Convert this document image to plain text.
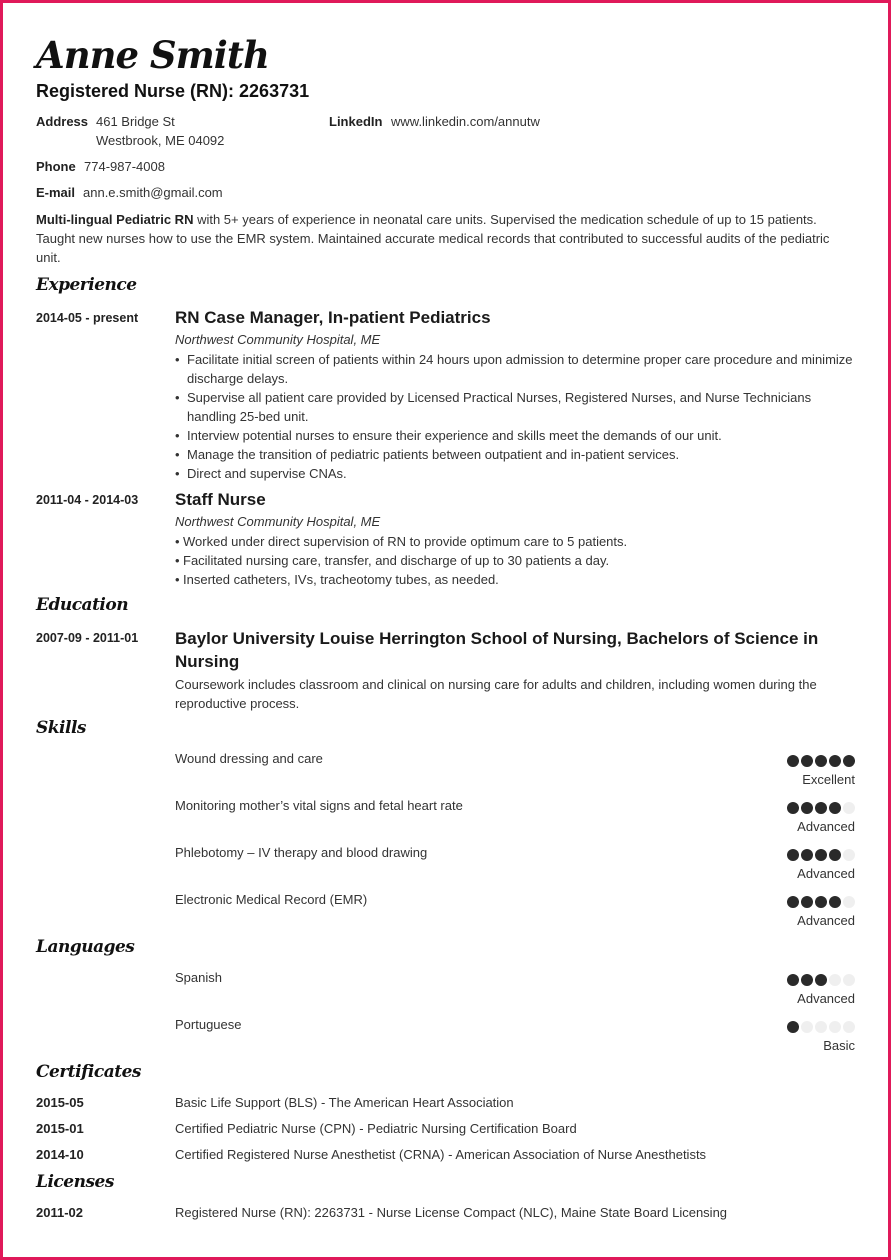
Anne Smith
Registered Nurse (RN): 2263731
Address 461 Bridge St
Westbrook, ME 04092
LinkedIn www.linkedin.com/annutw
Phone 774-987-4008
E-mail ann.e.smith@gmail.com
Multi-lingual Pediatric RN with 5+ years of experience in neonatal care units. Supervised the medication schedule of up to 15 patients. Taught new nurses how to use the EMR system. Maintained accurate medical records that contributed to successful audits of the pediatric unit.
Experience
2014-05 - present RN Case Manager, In-patient Pediatrics
Northwest Community Hospital, ME
• Facilitate initial screen of patients within 24 hours upon admission to determine proper care procedure and minimize discharge delays.
• Supervise all patient care provided by Licensed Practical Nurses, Registered Nurses, and Nurse Technicians handling 25-bed unit.
• Interview potential nurses to ensure their experience and skills meet the demands of our unit.
• Manage the transition of pediatric patients between outpatient and in-patient services.
• Direct and supervise CNAs.
2011-04 - 2014-03 Staff Nurse
Northwest Community Hospital, ME
• Worked under direct supervision of RN to provide optimum care to 5 patients.
• Facilitated nursing care, transfer, and discharge of up to 30 patients a day.
• Inserted catheters, IVs, tracheotomy tubes, as needed.
Education
2007-09 - 2011-01 Baylor University Louise Herrington School of Nursing, Bachelors of Science in Nursing
Coursework includes classroom and clinical on nursing care for adults and children, including women during the reproductive process.
Skills
Wound dressing and care
Excellent
Monitoring mother’s vital signs and fetal heart rate
Advanced
Phlebotomy – IV therapy and blood drawing
Advanced
Electronic Medical Record (EMR)
Advanced
Languages
Spanish
Advanced
Portuguese
Basic
Certificates
2015-05	Basic Life Support (BLS) - The American Heart Association
2015-01	Certified Pediatric Nurse (CPN) - Pediatric Nursing Certification Board
2014-10	Certified Registered Nurse Anesthetist (CRNA) - American Association of Nurse Anesthetists
Licenses
2011-02	Registered Nurse (RN): 2263731 - Nurse License Compact (NLC), Maine State Board Licensing
